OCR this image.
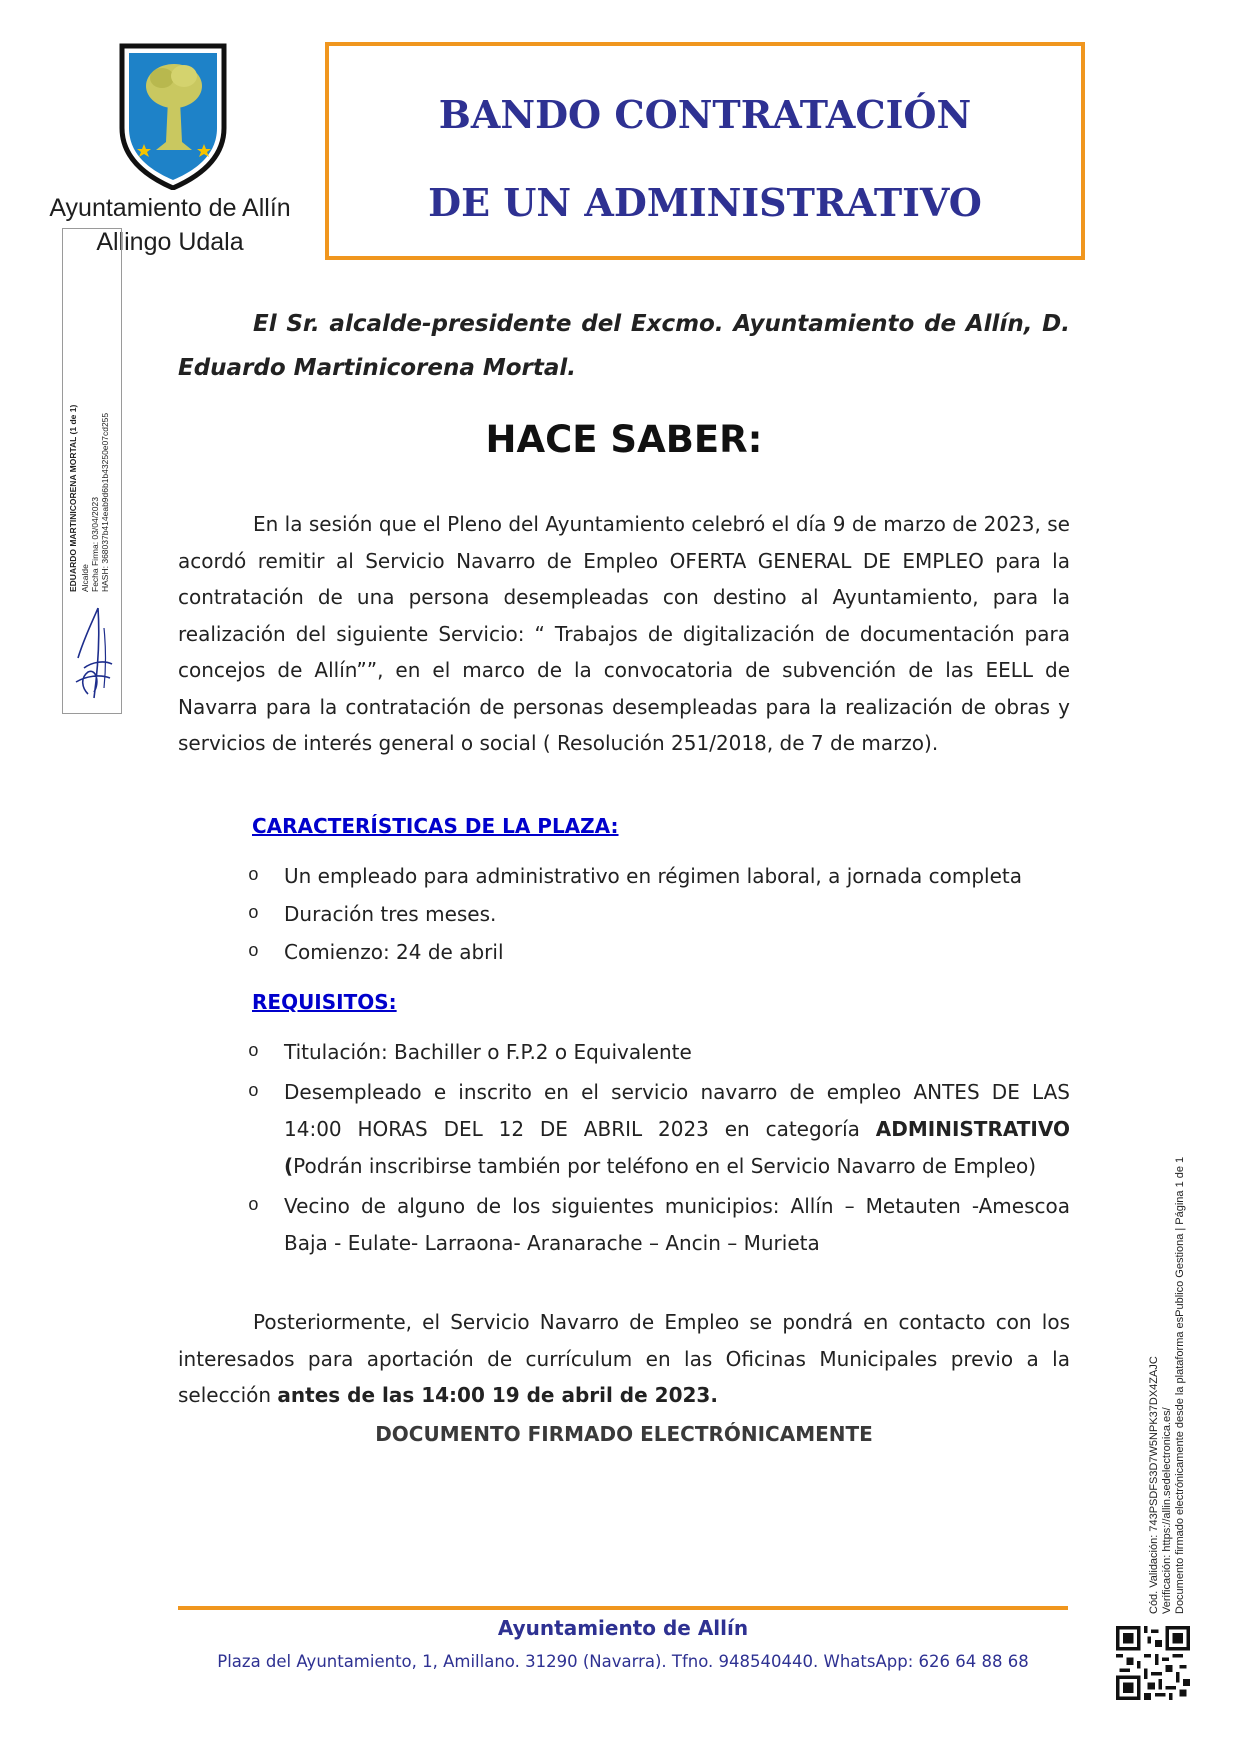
Ayuntamiento de Allín
Allingo Udala
BANDO CONTRATACIÓN
DE UN ADMINISTRATIVO
EDUARDO MARTINICORENA MORTAL (1 de 1) Alcalde Fecha Firma: 03/04/2023 HASH: 368037b414eab9d6b1b43250e07cd255
Cód. Validación: 743PSDFS3D7W5NPK37DX4ZAJC Verificación: https://allin.sedelectronica.es/ Documento firmado electrónicamente desde la plataforma esPublico Gestiona | Página 1 de 1
El Sr. alcalde-presidente del Excmo. Ayuntamiento de Allín, D. Eduardo Martinicorena Mortal.
HACE SABER:
En la sesión que el Pleno del Ayuntamiento celebró el día 9 de marzo de 2023, se acordó remitir al Servicio Navarro de Empleo OFERTA GENERAL DE EMPLEO para la contratación de una persona desempleadas con destino al Ayuntamiento, para la realización del siguiente Servicio: “ Trabajos de digitalización de documentación para concejos de Allín””, en el marco de la convocatoria de subvención de las EELL de Navarra para la contratación de personas desempleadas para la realización de obras y servicios de interés general o social ( Resolución 251/2018, de 7 de marzo).
CARACTERÍSTICAS DE LA PLAZA:
o Un empleado para administrativo en régimen laboral, a jornada completa
o Duración tres meses.
o Comienzo: 24 de abril
REQUISITOS:
o Titulación: Bachiller o F.P.2 o Equivalente
o Desempleado e inscrito en el servicio navarro de empleo ANTES DE LAS 14:00 HORAS DEL 12 DE ABRIL 2023 en categoría ADMINISTRATIVO (Podrán inscribirse también por teléfono en el Servicio Navarro de Empleo)
o Vecino de alguno de los siguientes municipios: Allín – Metauten -Amescoa Baja - Eulate- Larraona- Aranarache – Ancin – Murieta
Posteriormente, el Servicio Navarro de Empleo se pondrá en contacto con los interesados para aportación de currículum en las Oficinas Municipales previo a la selección antes de las 14:00 19 de abril de 2023.
DOCUMENTO FIRMADO ELECTRÓNICAMENTE
Ayuntamiento de Allín
Plaza del Ayuntamiento, 1, Amillano. 31290 (Navarra). Tfno. 948540440. WhatsApp: 626 64 88 68
